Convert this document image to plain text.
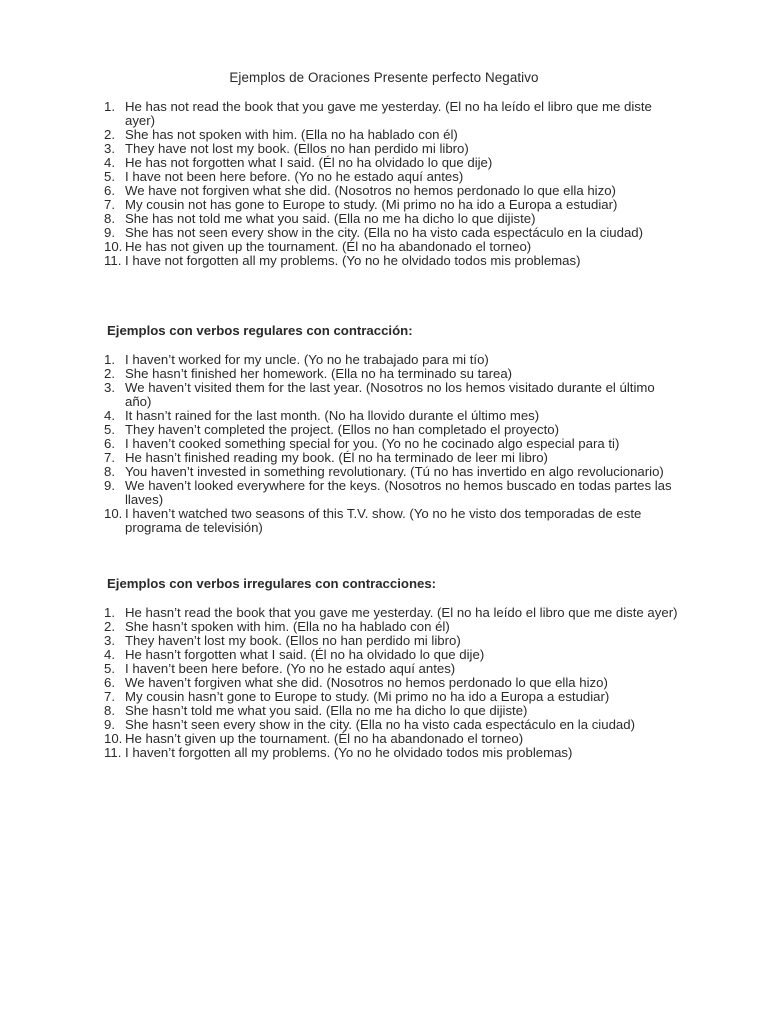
Ejemplos de Oraciones Presente perfecto Negativo
1. He has not read the book that you gave me yesterday. (El no ha leído el libro que me diste ayer)
2. She has not spoken with him. (Ella no ha hablado con él)
3. They have not lost my book. (Ellos no han perdido mi libro)
4. He has not forgotten what I said. (Él no ha olvidado lo que dije)
5. I have not been here before. (Yo no he estado aquí antes)
6. We have not forgiven what she did. (Nosotros no hemos perdonado lo que ella hizo)
7. My cousin not has gone to Europe to study. (Mi primo no ha ido a Europa a estudiar)
8. She has not told me what you said. (Ella no me ha dicho lo que dijiste)
9. She has not seen every show in the city. (Ella no ha visto cada espectáculo en la ciudad)
10. He has not given up the tournament. (Él no ha abandonado el torneo)
11. I have not forgotten all my problems. (Yo no he olvidado todos mis problemas)
Ejemplos con verbos regulares con contracción:
1. I haven’t worked for my uncle. (Yo no he trabajado para mi tío)
2. She hasn’t finished her homework. (Ella no ha terminado su tarea)
3. We haven’t visited them for the last year. (Nosotros no los hemos visitado durante el último año)
4. It hasn’t rained for the last month. (No ha llovido durante el último mes)
5. They haven’t completed the project. (Ellos no han completado el proyecto)
6. I haven’t cooked something special for you. (Yo no he cocinado algo especial para ti)
7. He hasn’t finished reading my book. (Él no ha terminado de leer mi libro)
8. You haven’t invested in something revolutionary. (Tú no has invertido en algo revolucionario)
9. We haven’t looked everywhere for the keys. (Nosotros no hemos buscado en todas partes las llaves)
10. I haven’t watched two seasons of this T.V. show. (Yo no he visto dos temporadas de este programa de televisión)
Ejemplos con verbos irregulares con contracciones:
1. He hasn’t read the book that you gave me yesterday. (El no ha leído el libro que me diste ayer)
2. She hasn’t spoken with him. (Ella no ha hablado con él)
3. They haven’t lost my book. (Ellos no han perdido mi libro)
4. He hasn’t forgotten what I said. (Él no ha olvidado lo que dije)
5. I haven’t been here before. (Yo no he estado aquí antes)
6. We haven’t forgiven what she did. (Nosotros no hemos perdonado lo que ella hizo)
7. My cousin hasn’t gone to Europe to study. (Mi primo no ha ido a Europa a estudiar)
8. She hasn’t told me what you said. (Ella no me ha dicho lo que dijiste)
9. She hasn’t seen every show in the city. (Ella no ha visto cada espectáculo en la ciudad)
10. He hasn’t given up the tournament. (Él no ha abandonado el torneo)
11. I haven’t forgotten all my problems. (Yo no he olvidado todos mis problemas)
